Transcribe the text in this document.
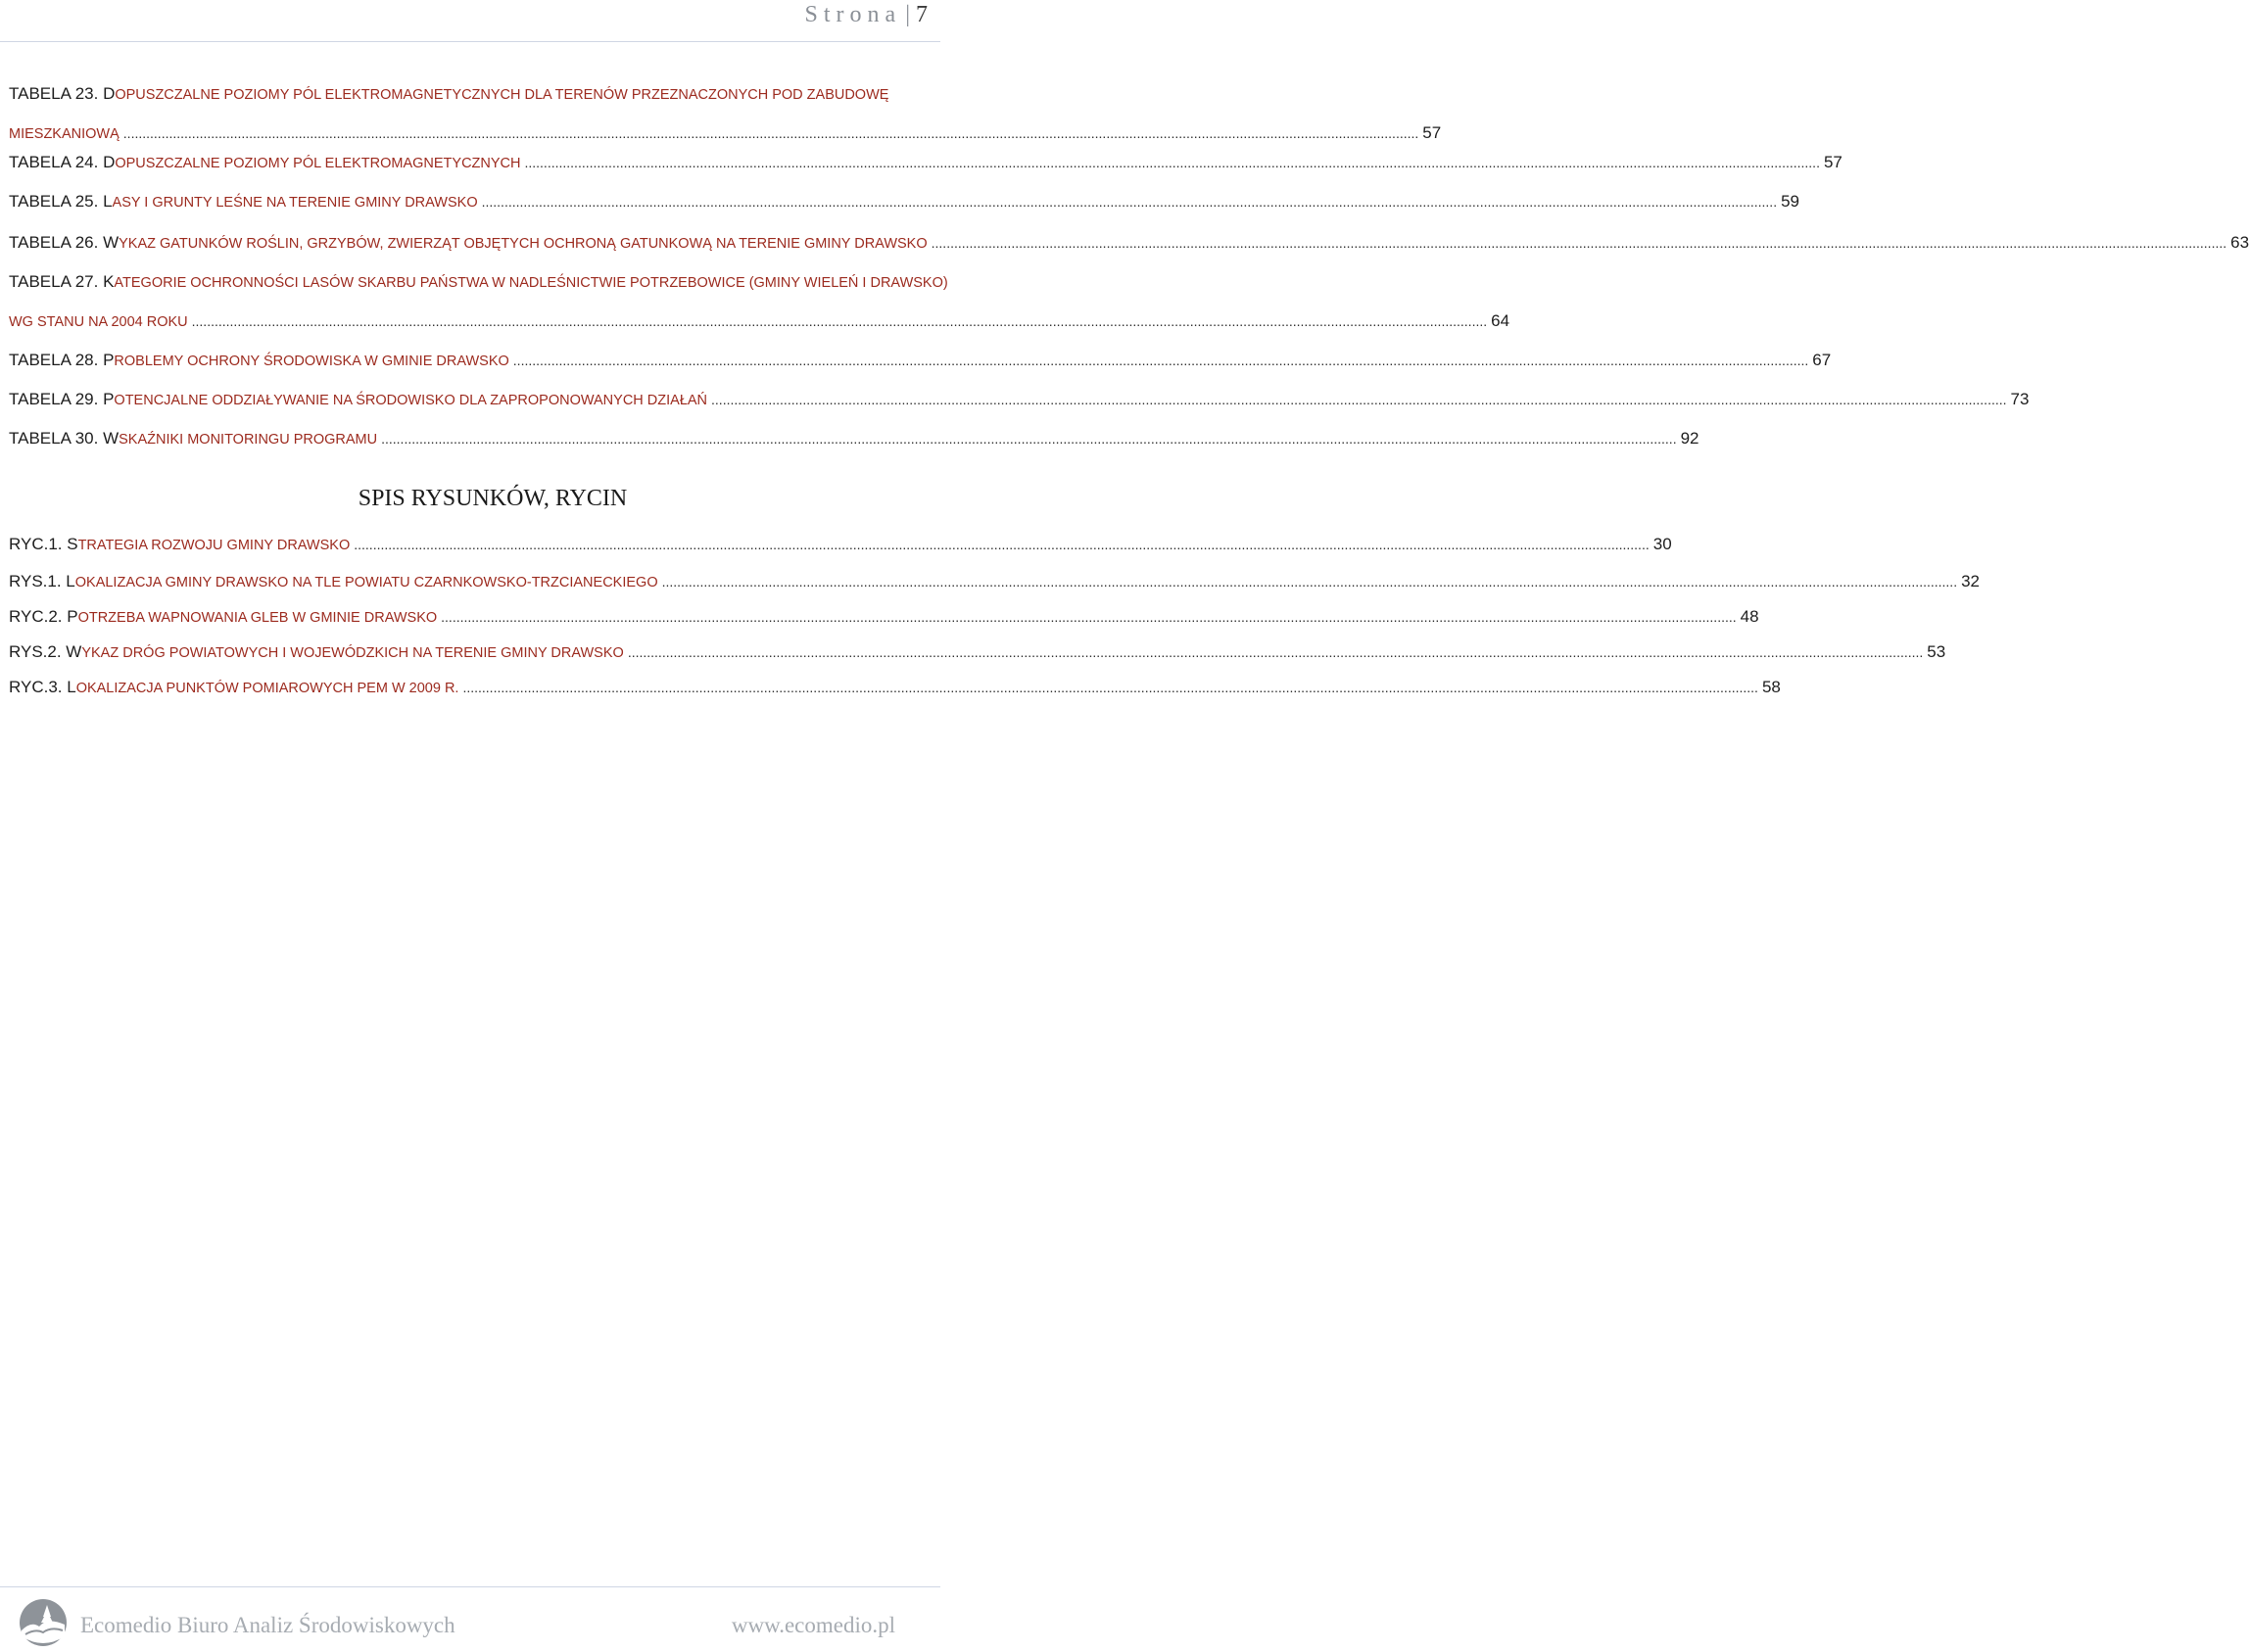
Strona | 7
TABELA 23. DOPUSZCZALNE POZIOMY PÓL ELEKTROMAGNETYCZNYCH DLA TERENÓW PRZEZNACZONYCH POD ZABUDOWĘ
MIESZKANIOWĄ .....	57
TABELA 24. DOPUSZCZALNE POZIOMY PÓL ELEKTROMAGNETYCZNYCH .....	57
TABELA 25. LASY I GRUNTY LEŚNE NA TERENIE GMINY DRAWSKO .....	59
TABELA 26. WYKAZ GATUNKÓW ROŚLIN, GRZYBÓW, ZWIERZĄT OBJĘTYCH OCHRONĄ GATUNKOWĄ NA TERENIE GMINY DRAWSKO .....	63
TABELA 27. KATEGORIE OCHRONNOŚCI LASÓW SKARBU PAŃSTWA W NADLEŚNICTWIE POTRZEBOWICE (GMINY WIELEŃ I DRAWSKO)
WG STANU NA 2004 ROKU .....	64
TABELA 28. PROBLEMY OCHRONY ŚRODOWISKA W GMINIE DRAWSKO .....	67
TABELA 29. POTENCJALNE ODDZIAŁYWANIE NA ŚRODOWISKO DLA ZAPROPONOWANYCH DZIAŁAŃ .....	73
TABELA 30. WSKAŹNIKI MONITORINGU PROGRAMU .....	92
SPIS RYSUNKÓW, RYCIN
RYC.1. STRATEGIA ROZWOJU GMINY DRAWSKO .....	30
RYS.1. LOKALIZACJA GMINY DRAWSKO NA TLE POWIATU CZARNKOWSKO-TRZCIANECKIEGO .....	32
RYC.2. POTRZEBA WAPNOWANIA GLEB W GMINIE DRAWSKO .....	48
RYS.2. WYKAZ DRÓG POWIATOWYCH I WOJEWÓDZKICH NA TERENIE GMINY DRAWSKO .....	53
RYC.3. LOKALIZACJA PUNKTÓW POMIAROWYCH PEM W 2009 R. .....	58
Ecomedio Biuro Analiz Środowiskowych	www.ecomedio.pl
